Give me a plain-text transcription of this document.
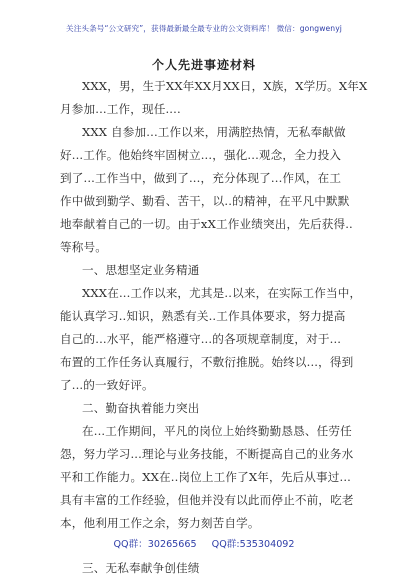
关注头条号“公文研究”，获得最新最全最专业的公文资料库！ 微信：gongwenyj
个人先进事迹材料
XXX，男，生于XX年XX月XX日，X族，X学历。X年X
月参加...工作，现任....
XXX 自参加...工作以来，用满腔热情，无私奉献做
好...工作。他始终牢固树立...，强化...观念，全力投入
到了...工作当中，做到了...，充分体现了...作风，在工
作中做到勤学、勤看、苦干，以..的精神，在平凡中默默
地奉献着自己的一切。由于xX工作业绩突出，先后获得..
等称号。
一、思想坚定业务精通
XXX在...工作以来，尤其是..以来，在实际工作当中，
能认真学习..知识，熟悉有关..工作具体要求，努力提高
自己的...水平，能严格遵守...的各项规章制度，对于...
布置的工作任务认真履行，不敷衍推脱。始终以...，得到
了...的一致好评。
二、勤奋执着能力突出
在...工作期间，平凡的岗位上始终勤勤恳恳、任劳任
怨，努力学习...理论与业务技能，不断提高自己的业务水
平和工作能力。XX在..岗位上工作了X年，先后从事过...
具有丰富的工作经验，但他并没有以此而停止不前，吃老
本，他利用工作之余，努力刻苦自学。
三、无私奉献争创佳绩
QQ群：30265665 QQ群:535304092
